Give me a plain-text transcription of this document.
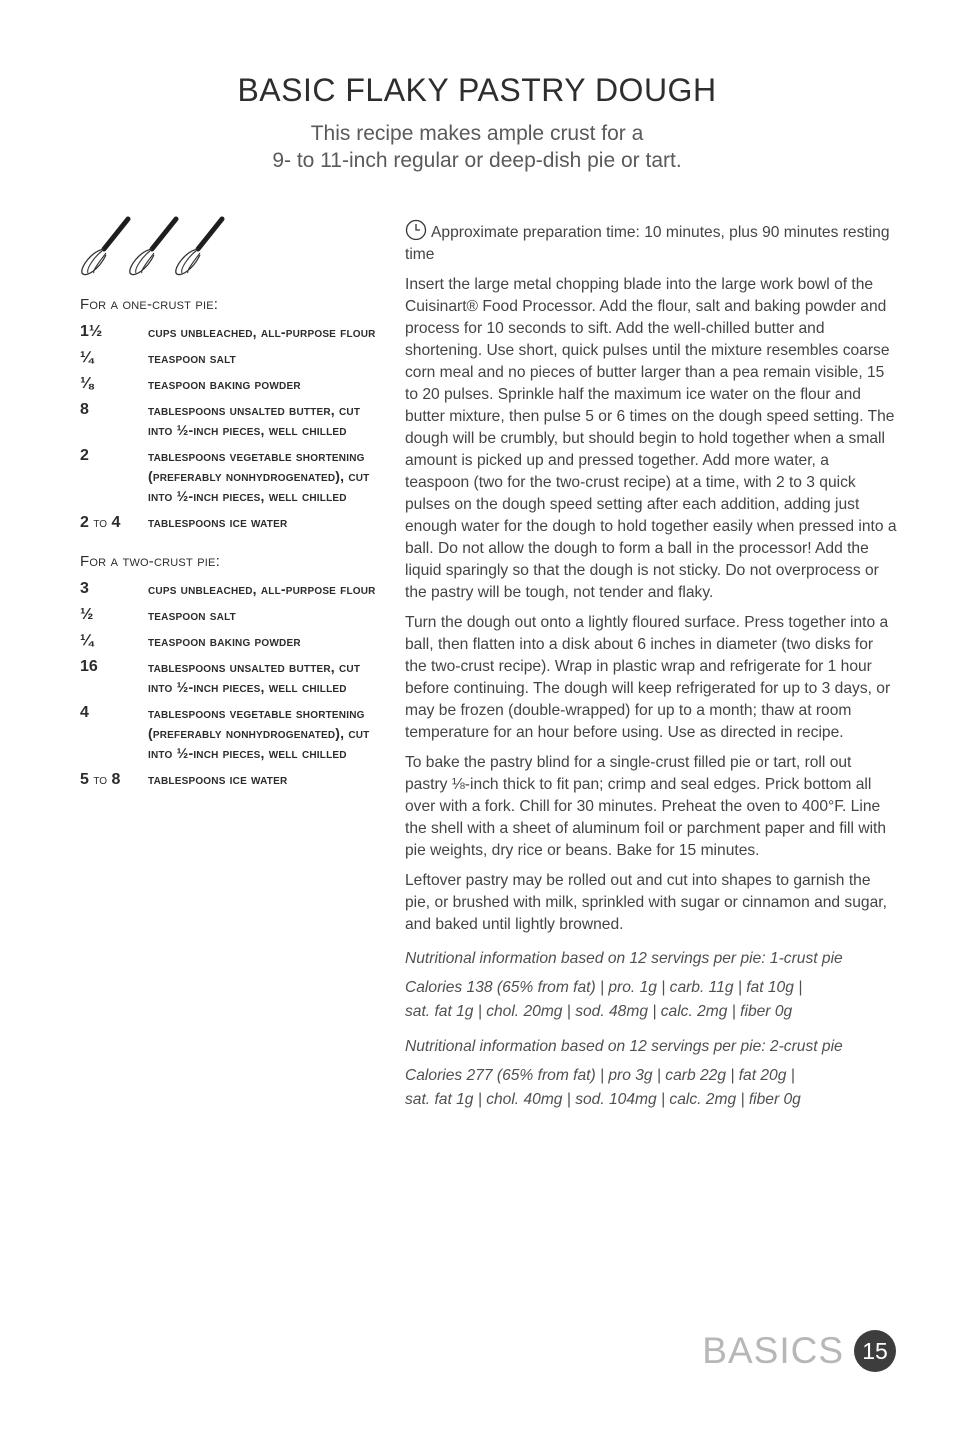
BASIC FLAKY PASTRY DOUGH
This recipe makes ample crust for a
9- to 11-inch regular or deep-dish pie or tart.
For a one-crust pie:
1½	cups unbleached, all-purpose flour
¼	teaspoon salt
⅛	teaspoon baking powder
8	tablespoons unsalted butter, cut into ½-inch pieces, well chilled
2	tablespoons vegetable shortening (preferably nonhydrogenated), cut into ½-inch pieces, well chilled
2 to 4	tablespoons ice water
For a two-crust pie:
3	cups unbleached, all-purpose flour
½	teaspoon salt
¼	teaspoon baking powder
16	tablespoons unsalted butter, cut into ½-inch pieces, well chilled
4	tablespoons vegetable shortening (preferably nonhydrogenated), cut into ½-inch pieces, well chilled
5 to 8	tablespoons ice water

Approximate preparation time: 10 minutes, plus 90 minutes resting time

Insert the large metal chopping blade into the large work bowl of the Cuisinart® Food Processor. Add the flour, salt and baking powder and process for 10 seconds to sift. Add the well-chilled butter and shortening. Use short, quick pulses until the mixture resembles coarse corn meal and no pieces of butter larger than a pea remain visible, 15 to 20 pulses. Sprinkle half the maximum ice water on the flour and butter mixture, then pulse 5 or 6 times on the dough speed setting. The dough will be crumbly, but should begin to hold together when a small amount is picked up and pressed together. Add more water, a teaspoon (two for the two-crust recipe) at a time, with 2 to 3 quick pulses on the dough speed setting after each addition, adding just enough water for the dough to hold together easily when pressed into a ball. Do not allow the dough to form a ball in the processor! Add the liquid sparingly so that the dough is not sticky. Do not overprocess or the pastry will be tough, not tender and flaky.

Turn the dough out onto a lightly floured surface. Press together into a ball, then flatten into a disk about 6 inches in diameter (two disks for the two-crust recipe). Wrap in plastic wrap and refrigerate for 1 hour before continuing. The dough will keep refrigerated for up to 3 days, or may be frozen (double-wrapped) for up to a month; thaw at room temperature for an hour before using. Use as directed in recipe.

To bake the pastry blind for a single-crust filled pie or tart, roll out pastry ⅛-inch thick to fit pan; crimp and seal edges. Prick bottom all over with a fork. Chill for 30 minutes. Preheat the oven to 400°F. Line the shell with a sheet of aluminum foil or parchment paper and fill with pie weights, dry rice or beans. Bake for 15 minutes.

Leftover pastry may be rolled out and cut into shapes to garnish the pie, or brushed with milk, sprinkled with sugar or cinnamon and sugar, and baked until lightly browned.

Nutritional information based on 12 servings per pie: 1-crust pie

Calories 138 (65% from fat) | pro. 1g | carb. 11g | fat 10g |
sat. fat 1g | chol. 20mg | sod. 48mg | calc. 2mg | fiber 0g

Nutritional information based on 12 servings per pie: 2-crust pie

Calories 277 (65% from fat) | pro 3g | carb 22g | fat 20g |
sat. fat 1g | chol. 40mg | sod. 104mg | calc. 2mg | fiber 0g

BASICS 15
